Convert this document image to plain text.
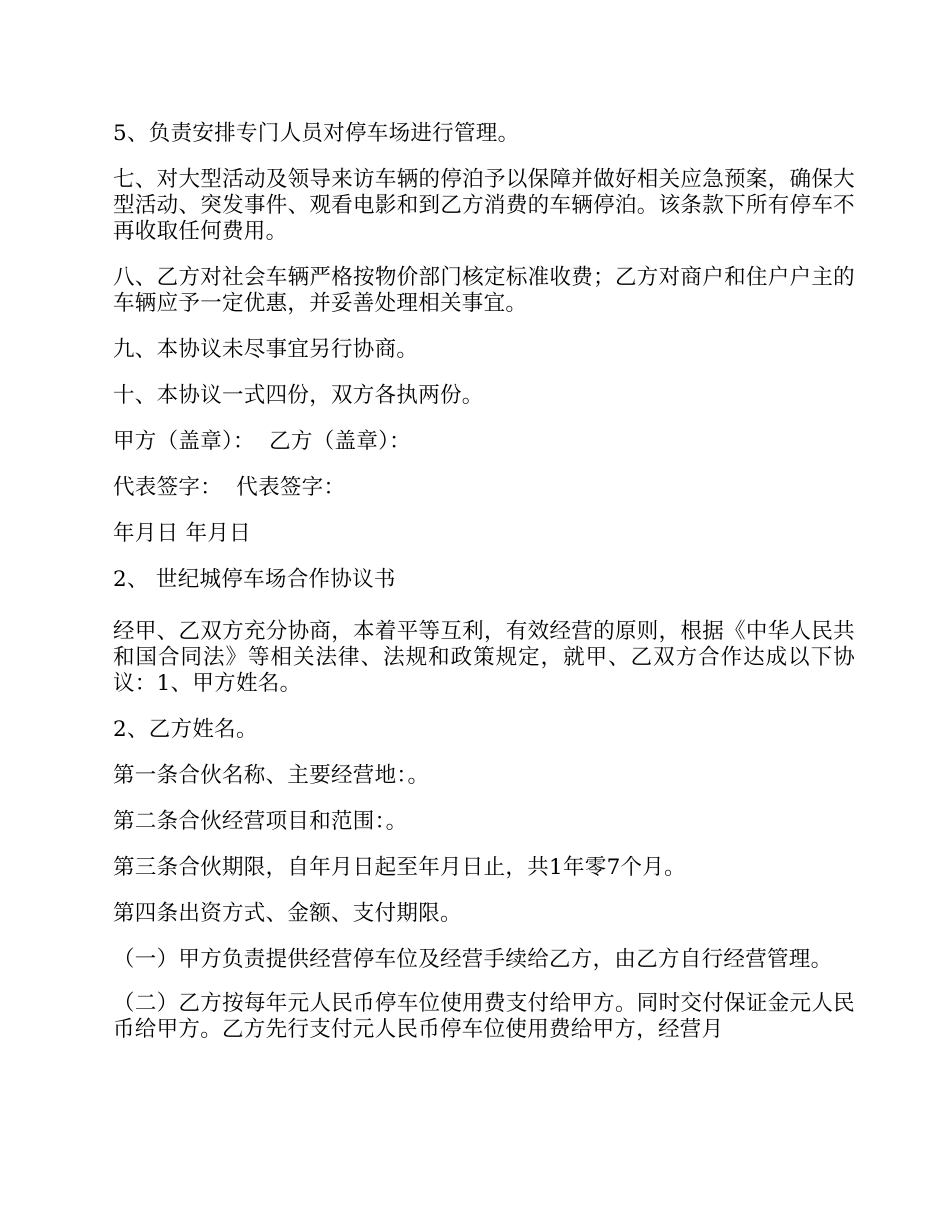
5、负责安排专门人员对停车场进行管理。

七、对大型活动及领导来访车辆的停泊予以保障并做好相关应急预案，确保大型活动、突发事件、观看电影和到乙方消费的车辆停泊。该条款下所有停车不再收取任何费用。

八、乙方对社会车辆严格按物价部门核定标准收费；乙方对商户和住户户主的车辆应予一定优惠，并妥善处理相关事宜。

九、本协议未尽事宜另行协商。

十、本协议一式四份，双方各执两份。

甲方（盖章）：  乙方（盖章）：

代表签字：  代表签字：

年月日 年月日

2、 世纪城停车场合作协议书

经甲、乙双方充分协商，本着平等互利，有效经营的原则，根据《中华人民共和国合同法》等相关法律、法规和政策规定，就甲、乙双方合作达成以下协议：1、甲方姓名。

2、乙方姓名。

第一条合伙名称、主要经营地：。

第二条合伙经营项目和范围：。

第三条合伙期限，自年月日起至年月日止，共1年零7个月。

第四条出资方式、金额、支付期限。

（一）甲方负责提供经营停车位及经营手续给乙方，由乙方自行经营管理。

（二）乙方按每年元人民币停车位使用费支付给甲方。同时交付保证金元人民币给甲方。乙方先行支付元人民币停车位使用费给甲方，经营月
